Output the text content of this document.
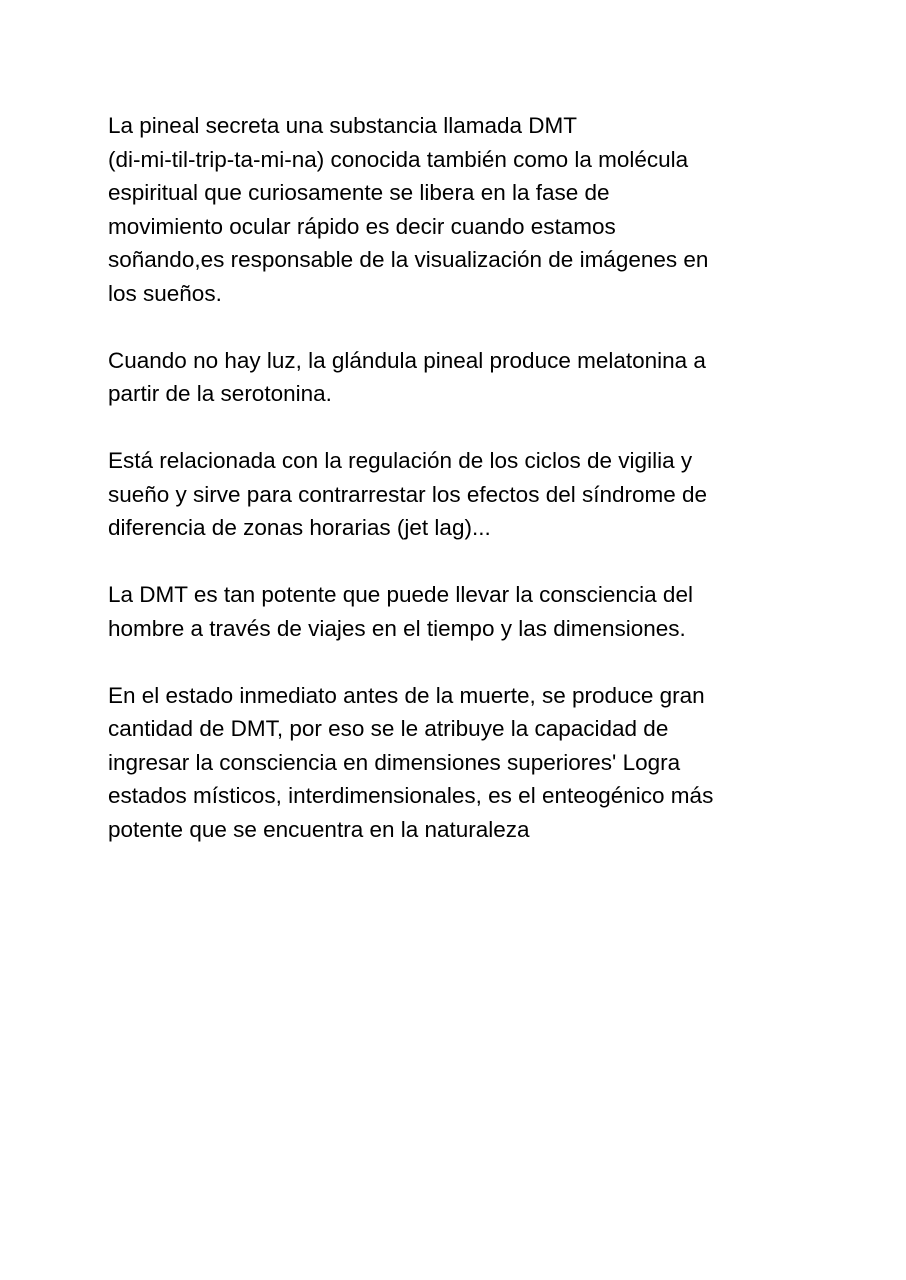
La pineal secreta una substancia llamada DMT
(di-mi-til-trip-ta-mi-na) conocida también como la molécula
espiritual que curiosamente se libera en la fase de
movimiento ocular rápido es decir cuando estamos
soñando,es responsable de la visualización de imágenes en
los sueños.

Cuando no hay luz, la glándula pineal produce melatonina a
partir de la serotonina.

Está relacionada con la regulación de los ciclos de vigilia y
sueño y sirve para contrarrestar los efectos del síndrome de
diferencia de zonas horarias (jet lag)...

La DMT es tan potente que puede llevar la consciencia del
hombre a través de viajes en el tiempo y las dimensiones.

En el estado inmediato antes de la muerte, se produce gran
cantidad de DMT, por eso se le atribuye la capacidad de
ingresar la consciencia en dimensiones superiores' Logra
estados místicos, interdimensionales, es el enteogénico más
potente que se encuentra en la naturaleza
